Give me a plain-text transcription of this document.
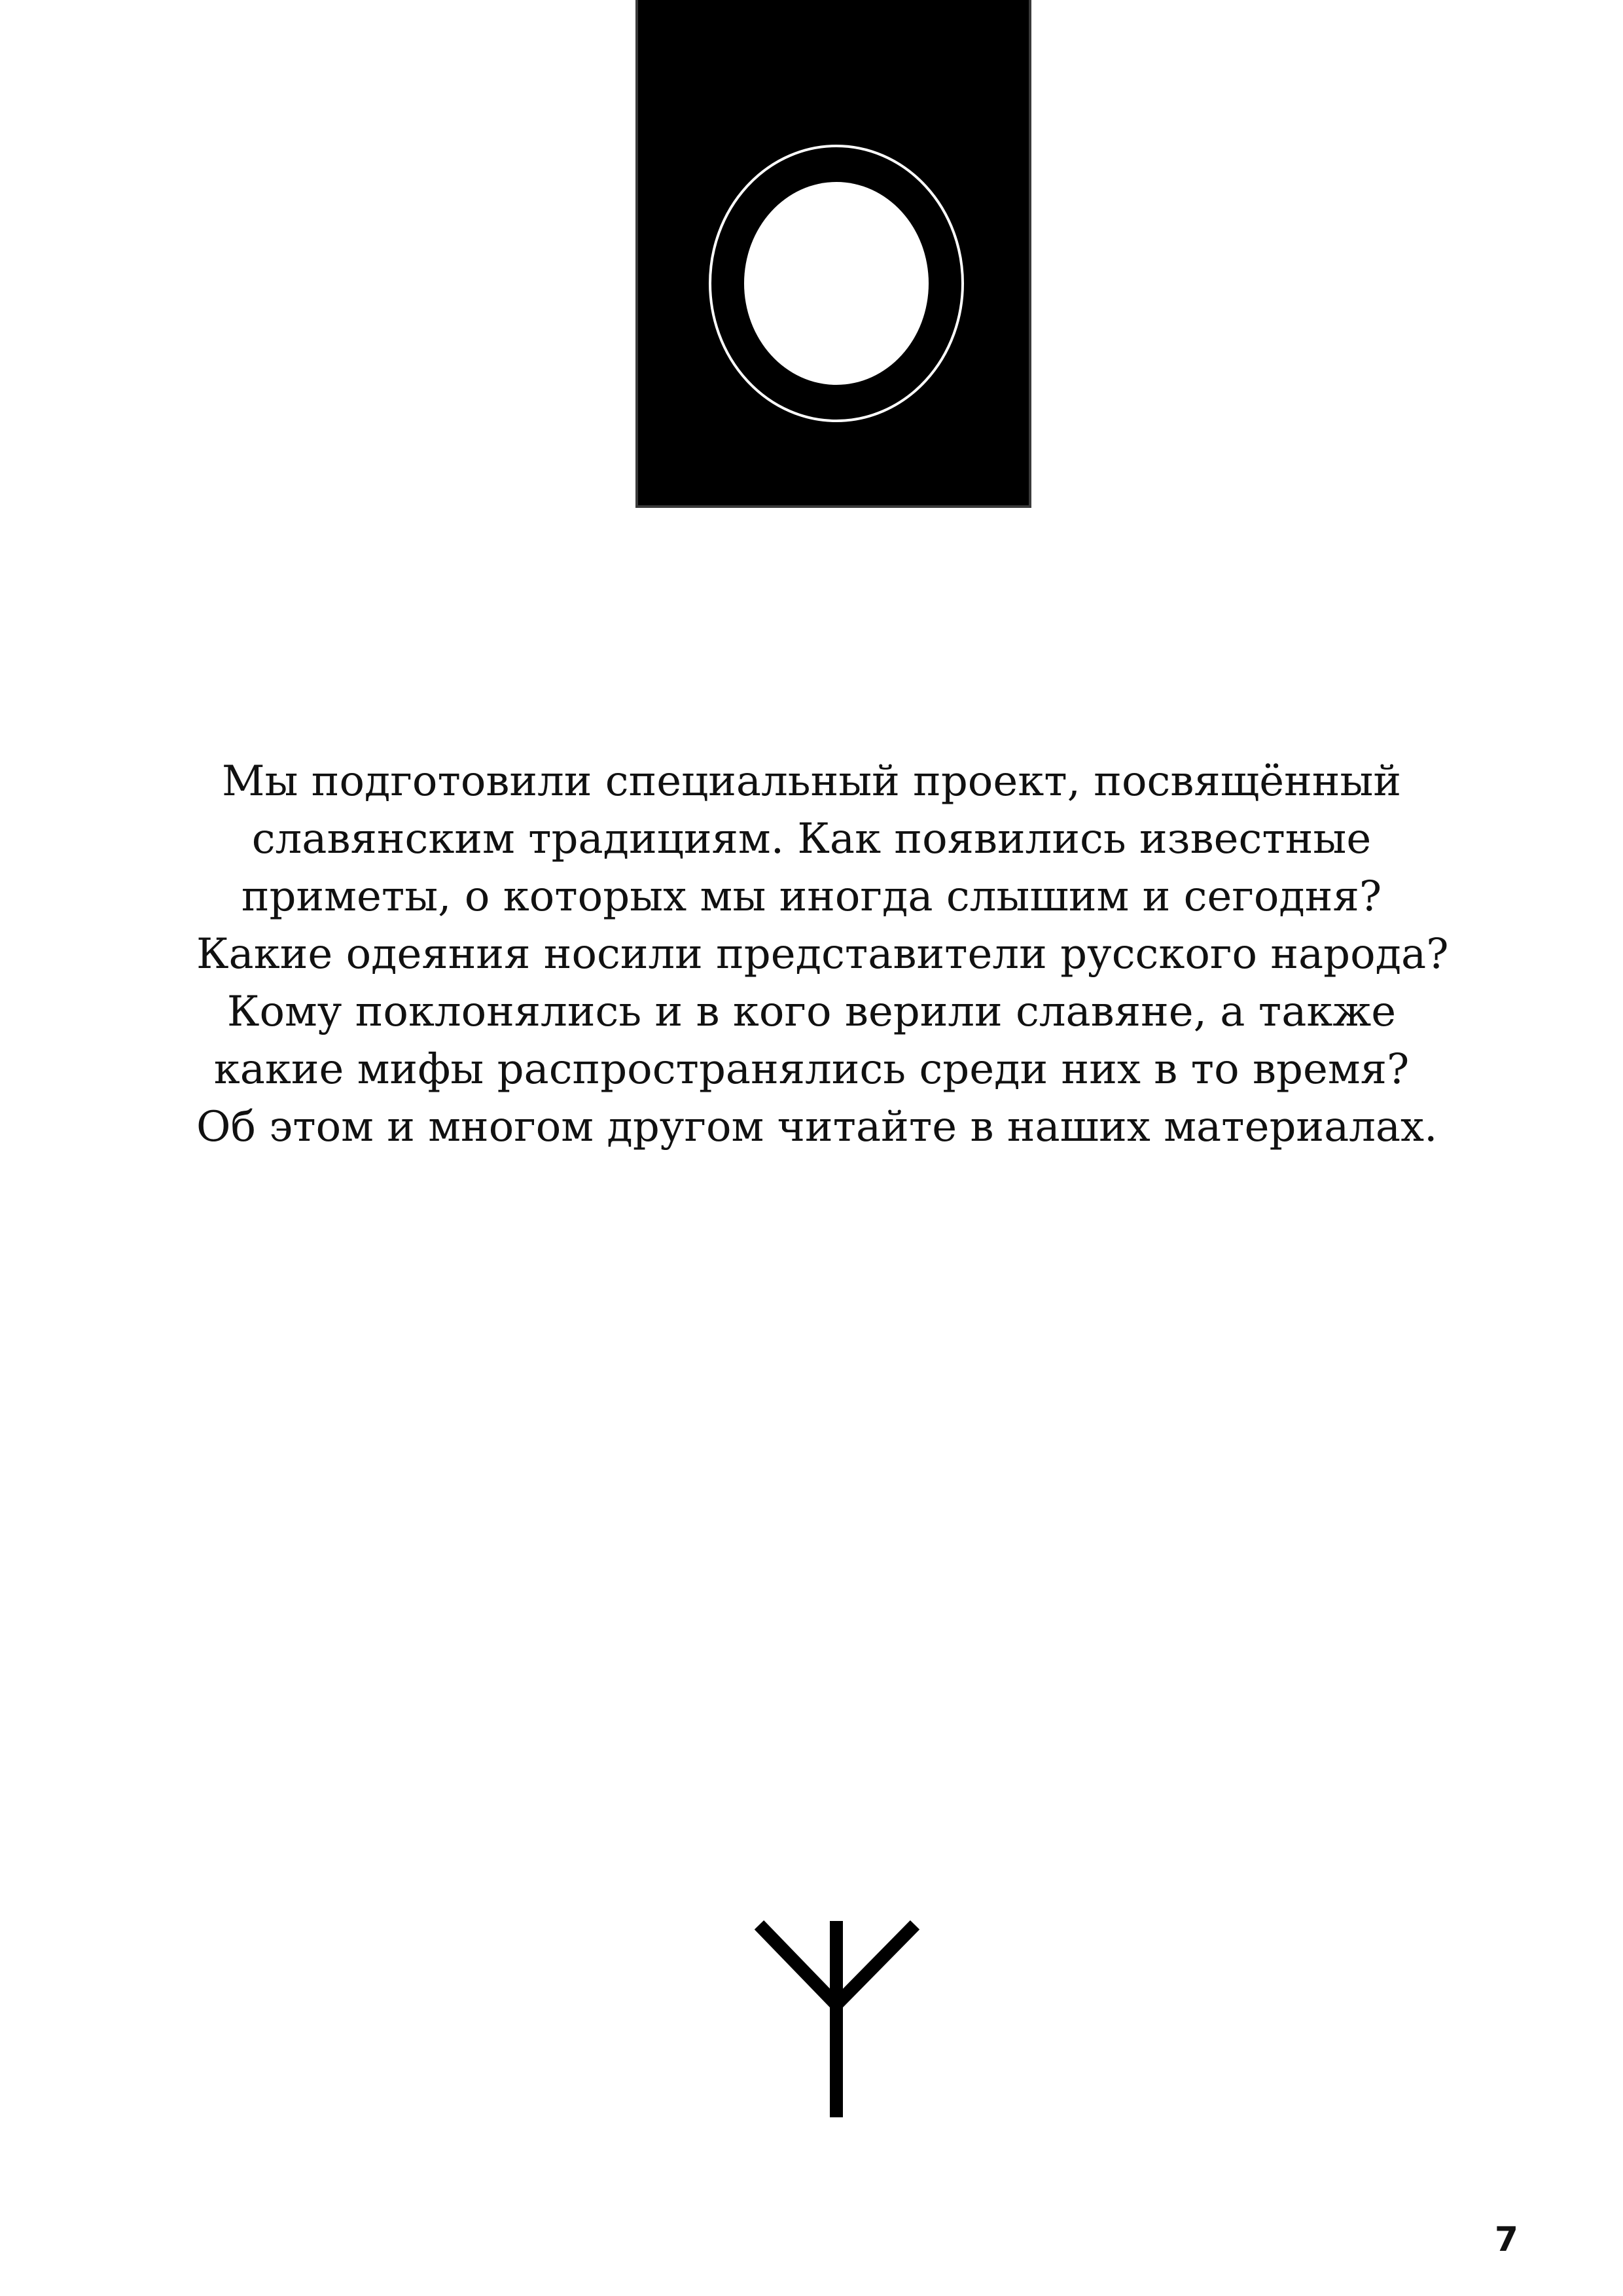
Мы подготовили специальный проект, посвящённый
славянским традициям. Как появились известные
приметы, о которых мы иногда слышим и сегодня?
Какие одеяния носили представители русского народа?
Кому поклонялись и в кого верили славяне, а также
какие мифы распространялись среди них в то время?
Об этом и многом другом читайте в наших материалах.
7
